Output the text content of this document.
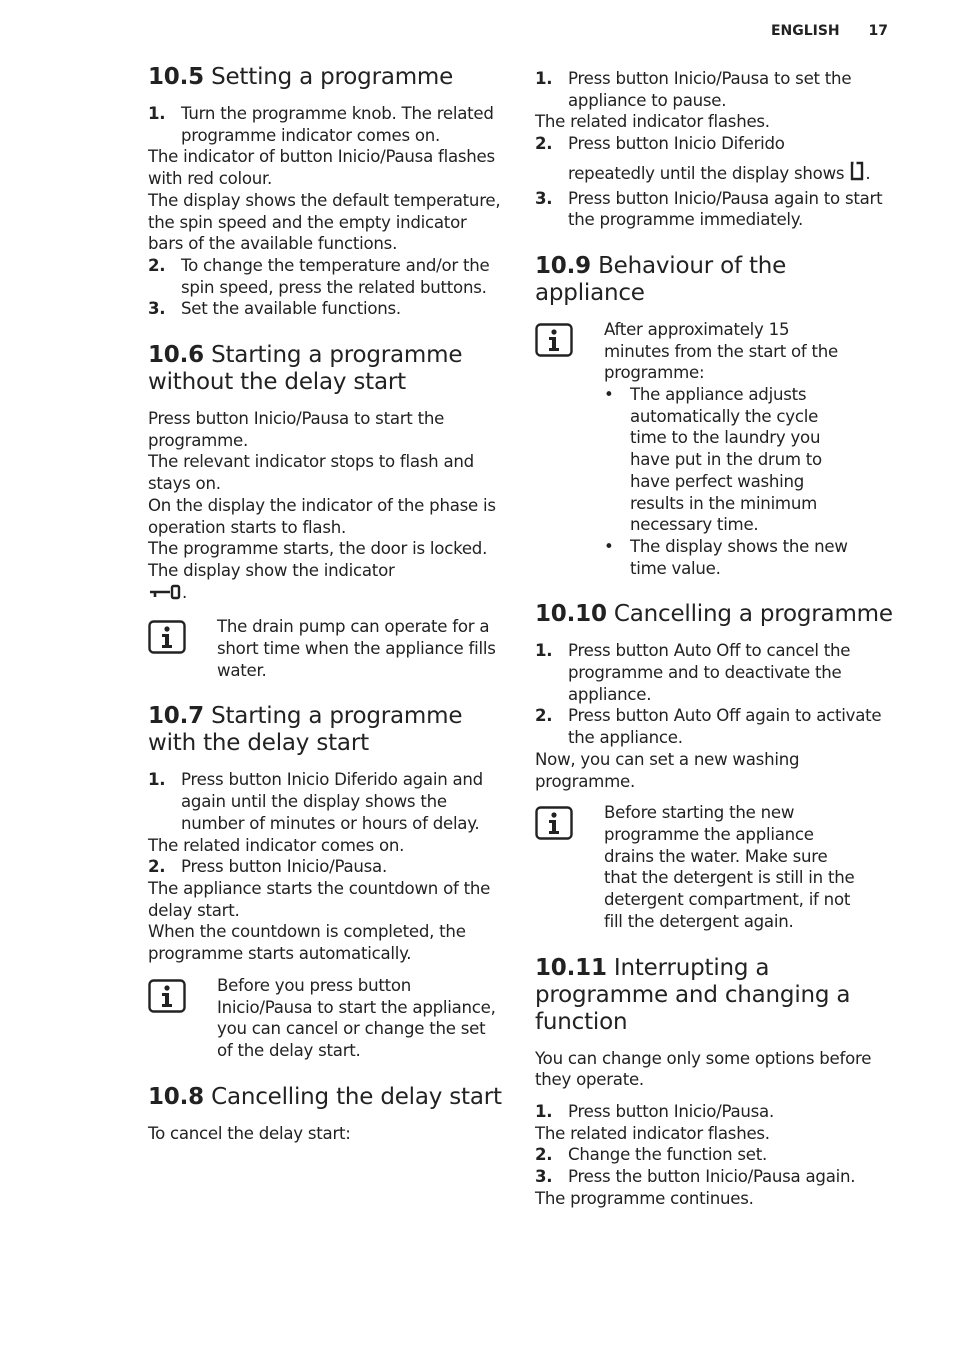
ENGLISH 17
10.5 Setting a programme
1. Turn the programme knob. The related programme indicator comes on.
The indicator of button Inicio/Pausa flashes with red colour.
The display shows the default temperature, the spin speed and the empty indicator bars of the available functions.
2. To change the temperature and/or the spin speed, press the related buttons.
3. Set the available functions.
10.6 Starting a programme without the delay start
Press button Inicio/Pausa to start the programme.
The relevant indicator stops to flash and stays on.
On the display the indicator of the phase is operation starts to flash.
The programme starts, the door is locked. The display show the indicator
.
The drain pump can operate for a short time when the appliance fills water.
10.7 Starting a programme with the delay start
1. Press button Inicio Diferido again and again until the display shows the number of minutes or hours of delay.
The related indicator comes on.
2. Press button Inicio/Pausa.
The appliance starts the countdown of the delay start.
When the countdown is completed, the programme starts automatically.
Before you press button Inicio/Pausa to start the appliance, you can cancel or change the set of the delay start.
10.8 Cancelling the delay start
To cancel the delay start:
1. Press button Inicio/Pausa to set the appliance to pause.
The related indicator flashes.
2. Press button Inicio Diferido
repeatedly until the display shows .
3. Press button Inicio/Pausa again to start the programme immediately.
10.9 Behaviour of the appliance
After approximately 15 minutes from the start of the programme:
• The appliance adjusts automatically the cycle time to the laundry you have put in the drum to have perfect washing results in the minimum necessary time.
• The display shows the new time value.
10.10 Cancelling a programme
1. Press button Auto Off to cancel the programme and to deactivate the appliance.
2. Press button Auto Off again to activate the appliance.
Now, you can set a new washing programme.
Before starting the new programme the appliance drains the water. Make sure that the detergent is still in the detergent compartment, if not fill the detergent again.
10.11 Interrupting a programme and changing a function
You can change only some options before they operate.
1. Press button Inicio/Pausa.
The related indicator flashes.
2. Change the function set.
3. Press the button Inicio/Pausa again.
The programme continues.
